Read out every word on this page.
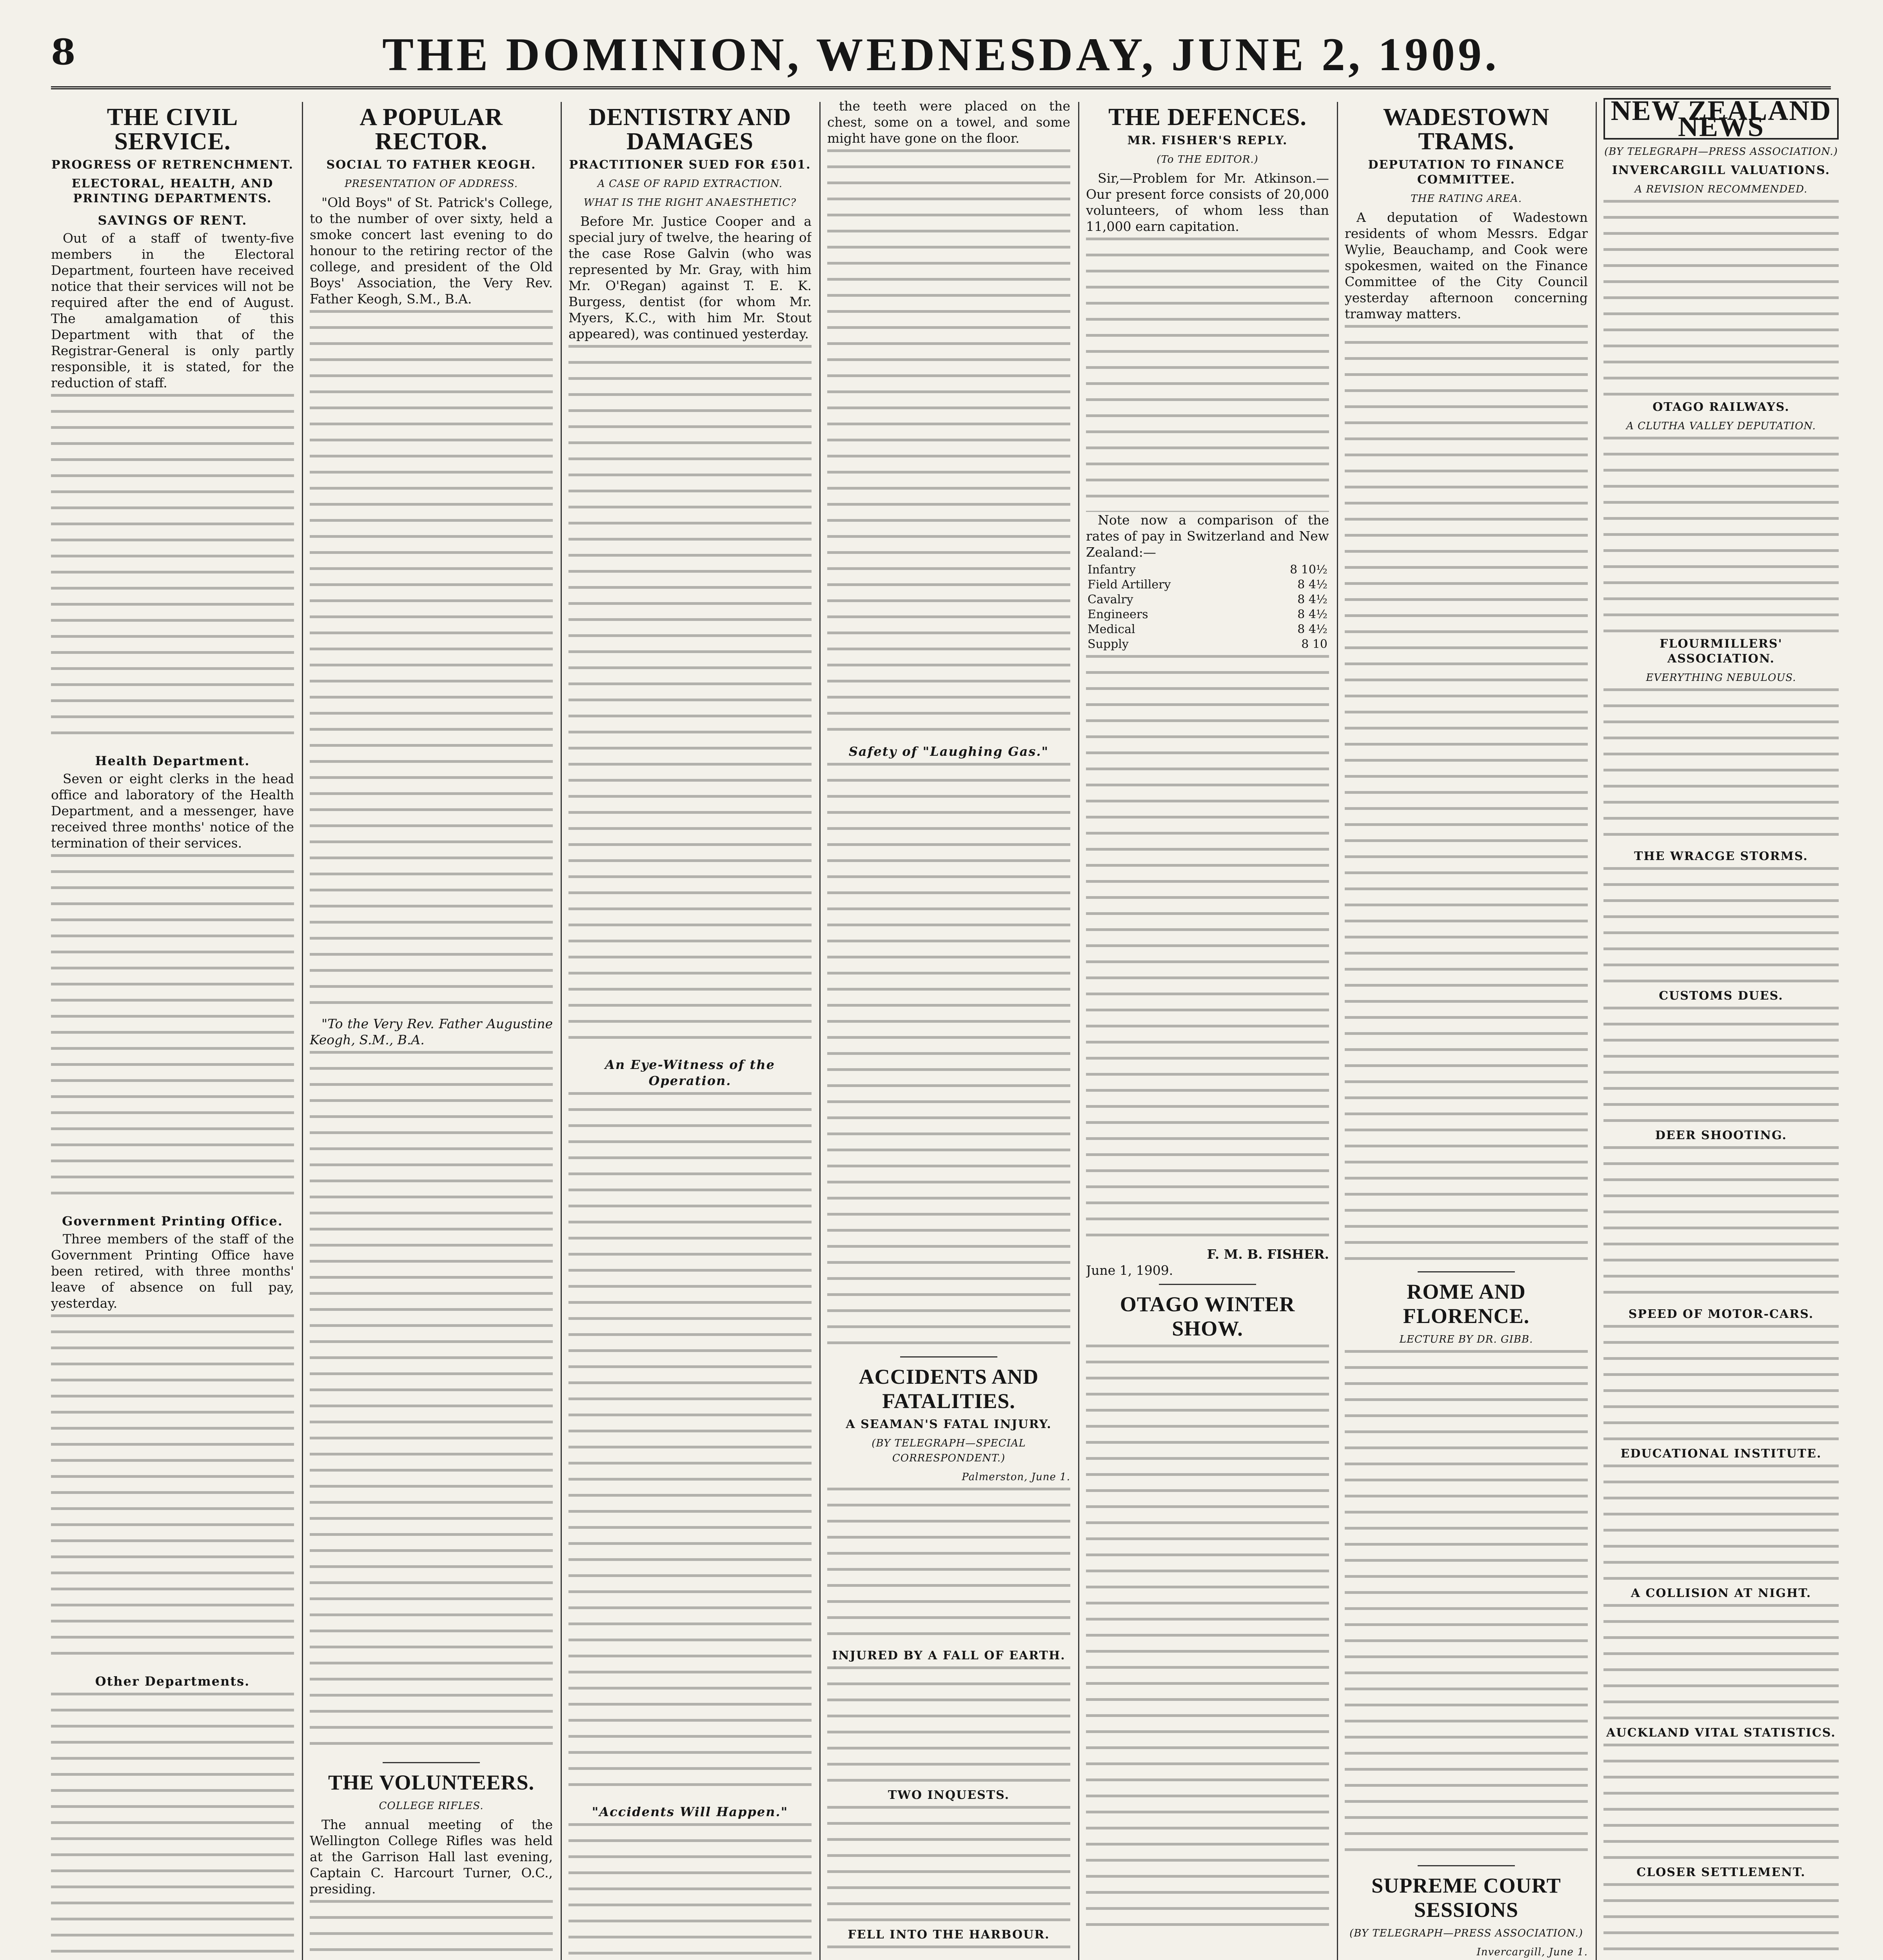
8	THE DOMINION, WEDNESDAY, JUNE 2, 1909.
THE CIVIL SERVICE.
PROGRESS OF RETRENCHMENT.
ELECTORAL, HEALTH, AND PRINTING DEPARTMENTS.
SAVINGS OF RENT.

Out of a staff of twenty-five members in the Electoral Department, fourteen have received notice that their services will not be required after the end of August. The amalgamation of this Department with that of the Registrar-General is only partly responsible, it is stated, for the reduction of staff.

Health Department.

Seven or eight clerks in the head office and laboratory of the Health Department, and a messenger, have received three months' notice of the termination of their services.

Government Printing Office.

Three members of the staff of the Government Printing Office have been retired, with three months' leave of absence on full pay, yesterday.

Other Departments.

A POPULAR RECTOR.
SOCIAL TO FATHER KEOGH.
PRESENTATION OF ADDRESS.

"Old Boys" of St. Patrick's College, to the number of over sixty, held a smoke concert last evening to do honour to the retiring rector of the college, and president of the Old Boys' Association, the Very Rev. Father Keogh, S.M., B.A.

"To the Very Rev. Father Augustine Keogh, S.M., B.A.

THE VOLUNTEERS.
COLLEGE RIFLES.

The annual meeting of the Wellington College Rifles was held at the Garrison Hall last evening, Captain C. Harcourt Turner, O.C., presiding.

DENTISTRY AND DAMAGES
PRACTITIONER SUED FOR £501.
A CASE OF RAPID EXTRACTION.
WHAT IS THE RIGHT ANAESTHETIC?

Before Mr. Justice Cooper and a special jury of twelve, the hearing of the case Rose Galvin (who was represented by Mr. Gray, with him Mr. O'Regan) against T. E. K. Burgess, dentist (for whom Mr. Myers, K.C., with him Mr. Stout appeared), was continued yesterday.

An Eye-Witness of the Operation.
"Accidents Will Happen."

the teeth were placed on the chest, some on a towel, and some might have gone on the floor.

Safety of "Laughing Gas."
ACCIDENTS AND FATALITIES.
A SEAMAN'S FATAL INJURY.
(BY TELEGRAPH—SPECIAL CORRESPONDENT.)
Palmerston, June 1.
INJURED BY A FALL OF EARTH.
TWO INQUESTS.
FELL INTO THE HARBOUR.
THE DEFENCES.
MR. FISHER'S REPLY.
(To THE EDITOR.)

Sir,—Problem for Mr. Atkinson.—Our present force consists of 20,000 volunteers, of whom less than 11,000 earn capitation.

Note now a comparison of the rates of pay in Switzerland and New Zealand:—

Infantry	8 10½
Field Artillery	8 4½
Cavalry	8 4½
Engineers	8 4½
Medical	8 4½
Supply	8 10
F. M. B. FISHER.
June 1, 1909.
OTAGO WINTER SHOW.
WADESTOWN TRAMS.
DEPUTATION TO FINANCE COMMITTEE.
THE RATING AREA.

A deputation of Wadestown residents of whom Messrs. Edgar Wylie, Beauchamp, and Cook were spokesmen, waited on the Finance Committee of the City Council yesterday afternoon concerning tramway matters.

ROME AND FLORENCE.
LECTURE BY DR. GIBB.
SUPREME COURT SESSIONS
(BY TELEGRAPH—PRESS ASSOCIATION.)
Invercargill, June 1.
NEW ZEALAND NEWS
(BY TELEGRAPH—PRESS ASSOCIATION.)
INVERCARGILL VALUATIONS.
A REVISION RECOMMENDED.
OTAGO RAILWAYS.
A CLUTHA VALLEY DEPUTATION.
FLOURMILLERS' ASSOCIATION.
EVERYTHING NEBULOUS.
THE WRACGE STORMS.
CUSTOMS DUES.
DEER SHOOTING.
SPEED OF MOTOR-CARS.
EDUCATIONAL INSTITUTE.
A COLLISION AT NIGHT.
AUCKLAND VITAL STATISTICS.
CLOSER SETTLEMENT.
